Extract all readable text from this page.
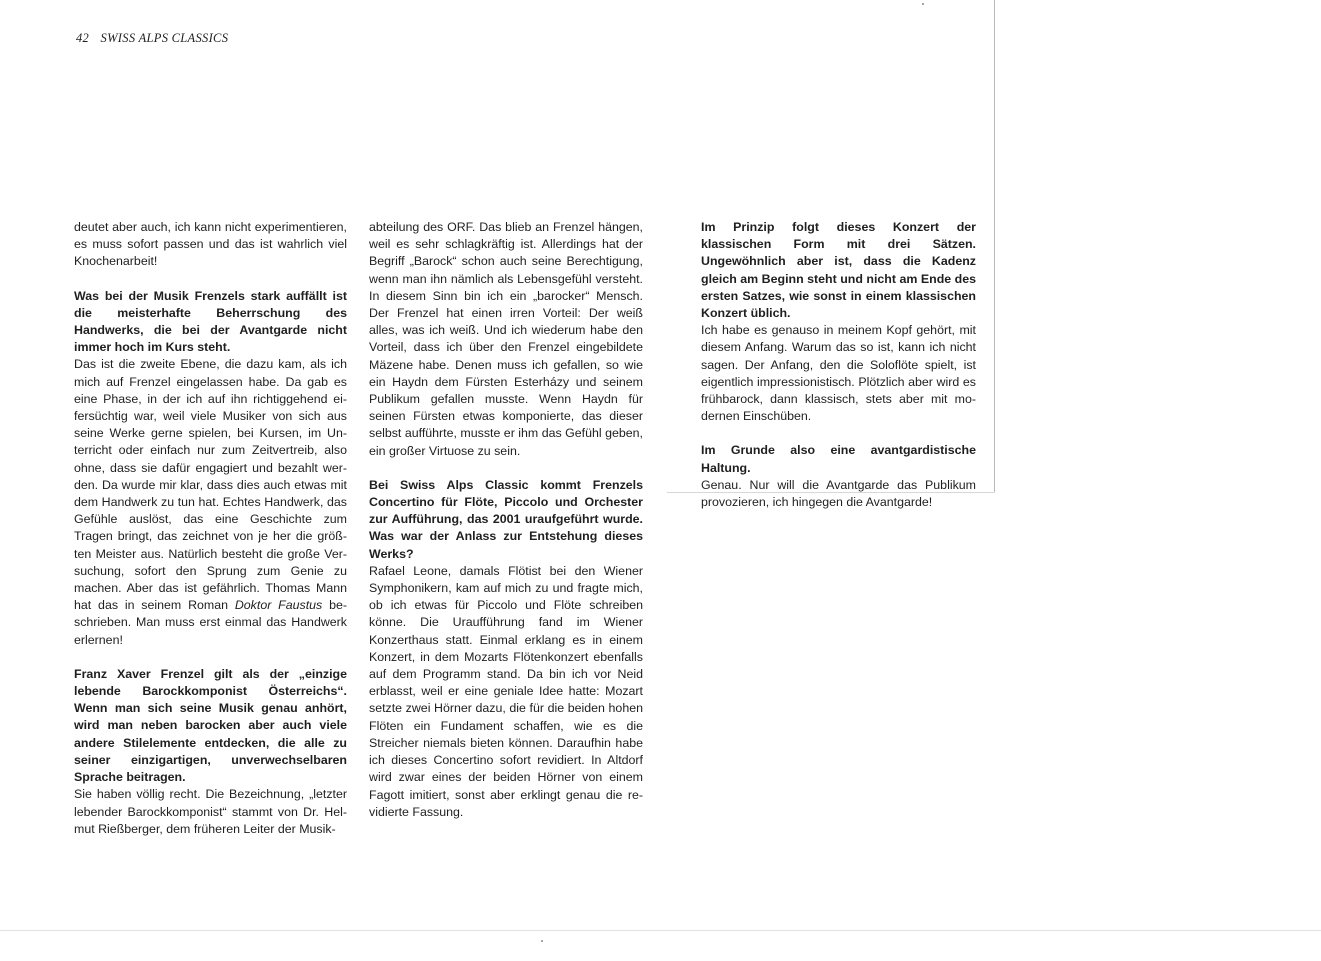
42 SWISS ALPS CLASSICS

deutet aber auch, ich kann nicht experimentieren, es muss sofort passen und das ist wahrlich viel Knochenarbeit!

Was bei der Musik Frenzels stark auffällt ist die meisterhafte Beherrschung des Handwerks, die bei der Avantgarde nicht immer hoch im Kurs steht.

Das ist die zweite Ebene, die dazu kam, als ich mich auf Frenzel eingelassen habe. Da gab es eine Phase, in der ich auf ihn richtiggehend eifersüchtig war, weil viele Musiker von sich aus seine Werke gerne spielen, bei Kursen, im Unterricht oder einfach nur zum Zeitvertreib, also ohne, dass sie dafür engagiert und bezahlt werden. Da wurde mir klar, dass dies auch etwas mit dem Handwerk zu tun hat. Echtes Handwerk, das Gefühle auslöst, das eine Geschichte zum Tragen bringt, das zeichnet von je her die größten Meister aus. Natürlich besteht die große Versuchung, sofort den Sprung zum Genie zu machen. Aber das ist gefährlich. Thomas Mann hat das in seinem Roman Doktor Faustus beschrieben. Man muss erst einmal das Handwerk erlernen!

Franz Xaver Frenzel gilt als der „einzige lebende Barockkomponist Österreichs“. Wenn man sich seine Musik genau anhört, wird man neben barocken aber auch viele andere Stilelemente entdecken, die alle zu seiner einzigartigen, unverwechselbaren Sprache beitragen.

Sie haben völlig recht. Die Bezeichnung, „letzter lebender Barockkomponist“ stammt von Dr. Helmut Rießberger, dem früheren Leiter der Musik-

abteilung des ORF. Das blieb an Frenzel hängen, weil es sehr schlagkräftig ist. Allerdings hat der Begriff „Barock“ schon auch seine Berechtigung, wenn man ihn nämlich als Lebensgefühl versteht. In diesem Sinn bin ich ein „barocker“ Mensch. Der Frenzel hat einen irren Vorteil: Der weiß alles, was ich weiß. Und ich wiederum habe den Vorteil, dass ich über den Frenzel eingebildete Mäzene habe. Denen muss ich gefallen, so wie ein Haydn dem Fürsten Esterházy und seinem Publikum gefallen musste. Wenn Haydn für seinen Fürsten etwas komponierte, das dieser selbst aufführte, musste er ihm das Gefühl geben, ein großer Virtuose zu sein.

Bei Swiss Alps Classic kommt Frenzels Concertino für Flöte, Piccolo und Orchester zur Aufführung, das 2001 uraufgeführt wurde. Was war der Anlass zur Entstehung dieses Werks?

Rafael Leone, damals Flötist bei den Wiener Symphonikern, kam auf mich zu und fragte mich, ob ich etwas für Piccolo und Flöte schreiben könne. Die Uraufführung fand im Wiener Konzerthaus statt. Einmal erklang es in einem Konzert, in dem Mozarts Flötenkonzert ebenfalls auf dem Programm stand. Da bin ich vor Neid erblasst, weil er eine geniale Idee hatte: Mozart setzte zwei Hörner dazu, die für die beiden hohen Flöten ein Fundament schaffen, wie es die Streicher niemals bieten können. Daraufhin habe ich dieses Concertino sofort revidiert. In Altdorf wird zwar eines der beiden Hörner von einem Fagott imitiert, sonst aber erklingt genau die revidierte Fassung.

Im Prinzip folgt dieses Konzert der klassischen Form mit drei Sätzen. Ungewöhnlich aber ist, dass die Kadenz gleich am Beginn steht und nicht am Ende des ersten Satzes, wie sonst in einem klassischen Konzert üblich.

Ich habe es genauso in meinem Kopf gehört, mit diesem Anfang. Warum das so ist, kann ich nicht sagen. Der Anfang, den die Soloflöte spielt, ist eigentlich impressionistisch. Plötzlich aber wird es frühbarock, dann klassisch, stets aber mit modernen Einschüben.

Im Grunde also eine avantgardistische Haltung.

Genau. Nur will die Avantgarde das Publikum provozieren, ich hingegen die Avantgarde!
